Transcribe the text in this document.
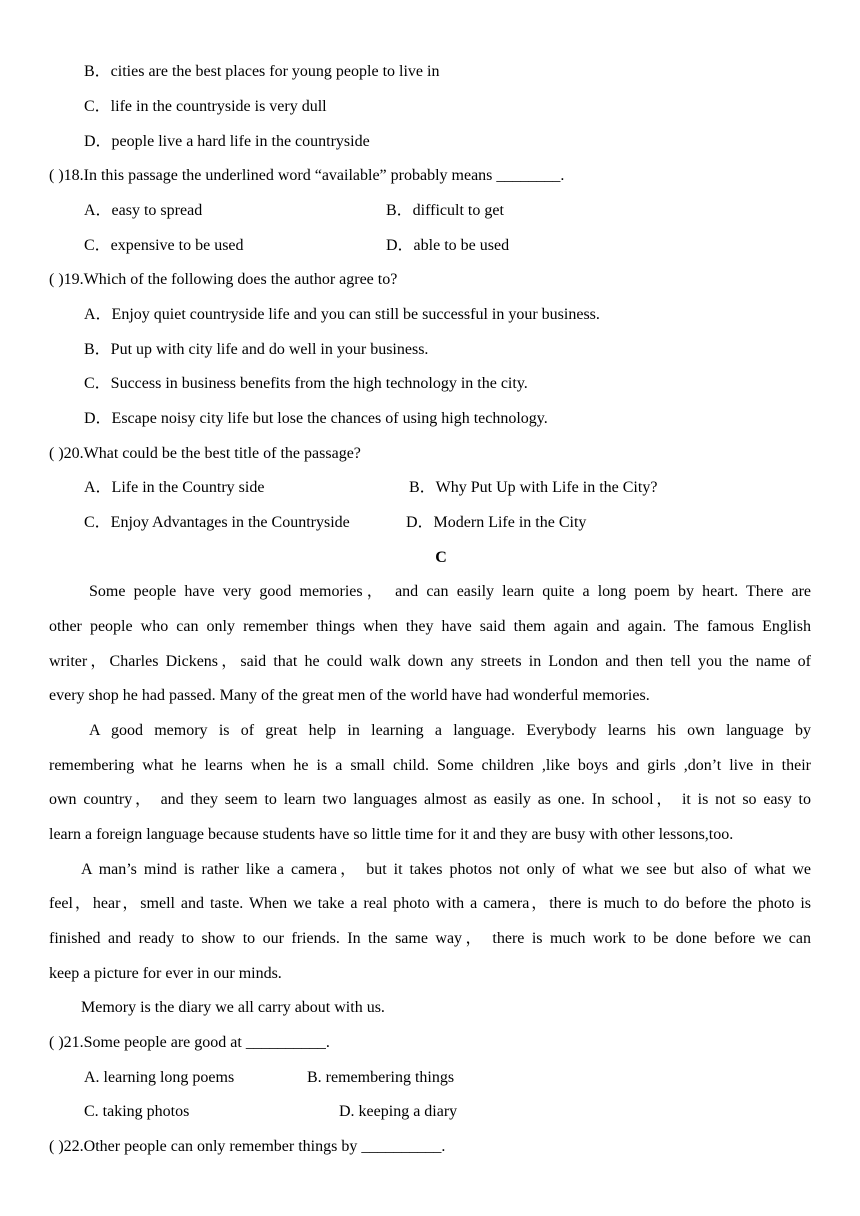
B．cities are the best places for young people to live in
C．life in the countryside is very dull
D．people live a hard life in the countryside
( )18.In this passage the underlined word “available” probably means ________.
A．easy to spread	B．difficult to get
C．expensive to be used	D．able to be used
( )19.Which of the following does the author agree to?
A．Enjoy quiet countryside life and you can still be successful in your business.
B．Put up with city life and do well in your business.
C．Success in business benefits from the high technology in the city.
D．Escape noisy city life but lose the chances of using high technology.
( )20.What could be the best title of the passage?
A．Life in the Country side	B．Why Put Up with Life in the City?
C．Enjoy Advantages in the Countryside	D．Modern Life in the City
C
Some people have very good memories， and can easily learn quite a long poem by heart. There are
other people who can only remember things when they have said them again and again. The famous English
writer，Charles Dickens，said that he could walk down any streets in London and then tell you the name of
every shop he had passed. Many of the great men of the world have had wonderful memories.
A good memory is of great help in learning a language. Everybody learns his own language by
remembering what he learns when he is a small child. Some children ,like boys and girls ,don’t live in their
own country， and they seem to learn two languages almost as easily as one. In school， it is not so easy to
learn a foreign language because students have so little time for it and they are busy with other lessons,too.
A man’s mind is rather like a camera， but it takes photos not only of what we see but also of what we
feel，hear，smell and taste. When we take a real photo with a camera，there is much to do before the photo is
finished and ready to show to our friends. In the same way， there is much work to be done before we can
keep a picture for ever in our minds.
Memory is the diary we all carry about with us.
( )21.Some people are good at __________.
A. learning long poems	B. remembering things
C. taking photos	D. keeping a diary
( )22.Other people can only remember things by __________.
